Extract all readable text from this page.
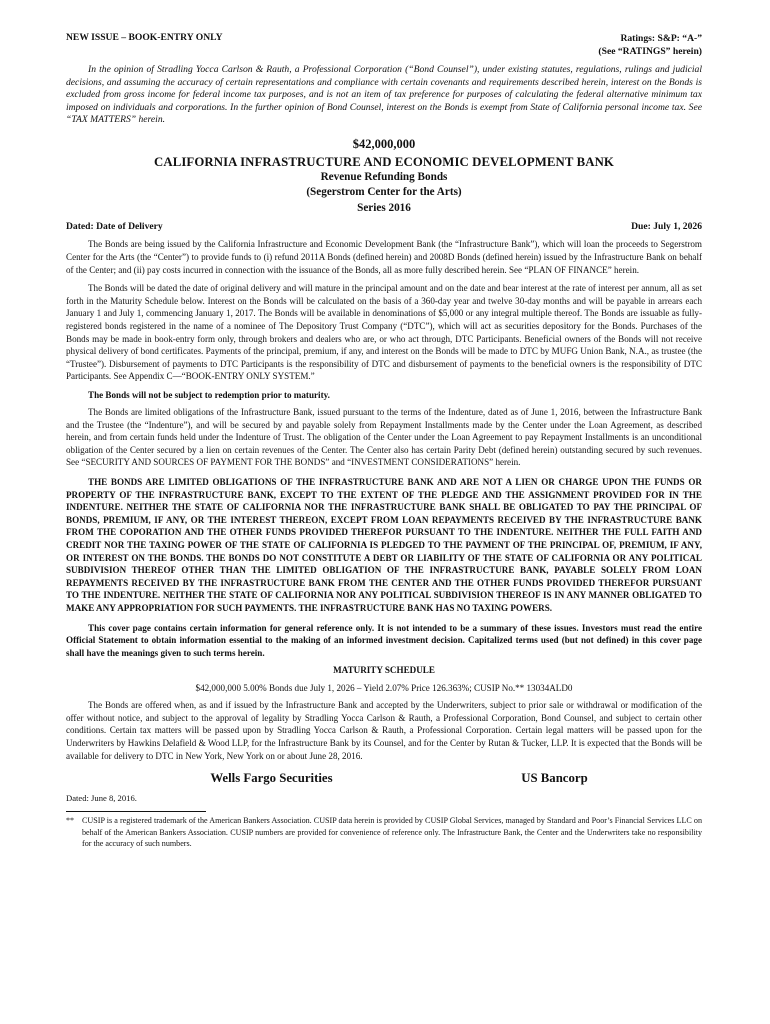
NEW ISSUE – BOOK-ENTRY ONLY	Ratings: S&P: “A-”
(See “RATINGS” herein)
In the opinion of Stradling Yocca Carlson & Rauth, a Professional Corporation (“Bond Counsel”), under existing statutes, regulations, rulings and judicial decisions, and assuming the accuracy of certain representations and compliance with certain covenants and requirements described herein, interest on the Bonds is excluded from gross income for federal income tax purposes, and is not an item of tax preference for purposes of calculating the federal alternative minimum tax imposed on individuals and corporations. In the further opinion of Bond Counsel, interest on the Bonds is exempt from State of California personal income tax. See “TAX MATTERS” herein.
$42,000,000
CALIFORNIA INFRASTRUCTURE AND ECONOMIC DEVELOPMENT BANK
Revenue Refunding Bonds
(Segerstrom Center for the Arts)
Series 2016
Dated: Date of Delivery	Due: July 1, 2026

The Bonds are being issued by the California Infrastructure and Economic Development Bank (the “Infrastructure Bank”), which will loan the proceeds to Segerstrom Center for the Arts (the “Center”) to provide funds to (i) refund 2011A Bonds (defined herein) and 2008D Bonds (defined herein) issued by the Infrastructure Bank on behalf of the Center; and (ii) pay costs incurred in connection with the issuance of the Bonds, all as more fully described herein. See “PLAN OF FINANCE” herein.

The Bonds will be dated the date of original delivery and will mature in the principal amount and on the date and bear interest at the rate of interest per annum, all as set forth in the Maturity Schedule below. Interest on the Bonds will be calculated on the basis of a 360-day year and twelve 30-day months and will be payable in arrears each January 1 and July 1, commencing January 1, 2017. The Bonds will be available in denominations of $5,000 or any integral multiple thereof. The Bonds are issuable as fully-registered bonds registered in the name of a nominee of The Depository Trust Company (“DTC”), which will act as securities depository for the Bonds. Purchases of the Bonds may be made in book-entry form only, through brokers and dealers who are, or who act through, DTC Participants. Beneficial owners of the Bonds will not receive physical delivery of bond certificates. Payments of the principal, premium, if any, and interest on the Bonds will be made to DTC by MUFG Union Bank, N.A., as trustee (the “Trustee”). Disbursement of payments to DTC Participants is the responsibility of DTC and disbursement of payments to the beneficial owners is the responsibility of DTC Participants. See Appendix C—“BOOK-ENTRY ONLY SYSTEM.”

The Bonds will not be subject to redemption prior to maturity.

The Bonds are limited obligations of the Infrastructure Bank, issued pursuant to the terms of the Indenture, dated as of June 1, 2016, between the Infrastructure Bank and the Trustee (the “Indenture”), and will be secured by and payable solely from Repayment Installments made by the Center under the Loan Agreement, as described herein, and from certain funds held under the Indenture of Trust. The obligation of the Center under the Loan Agreement to pay Repayment Installments is an unconditional obligation of the Center secured by a lien on certain revenues of the Center. The Center also has certain Parity Debt (defined herein) outstanding secured by such revenues. See “SECURITY AND SOURCES OF PAYMENT FOR THE BONDS” and “INVESTMENT CONSIDERATIONS” herein.

THE BONDS ARE LIMITED OBLIGATIONS OF THE INFRASTRUCTURE BANK AND ARE NOT A LIEN OR CHARGE UPON THE FUNDS OR PROPERTY OF THE INFRASTRUCTURE BANK, EXCEPT TO THE EXTENT OF THE PLEDGE AND THE ASSIGNMENT PROVIDED FOR IN THE INDENTURE. NEITHER THE STATE OF CALIFORNIA NOR THE INFRASTRUCTURE BANK SHALL BE OBLIGATED TO PAY THE PRINCIPAL OF BONDS, PREMIUM, IF ANY, OR THE INTEREST THEREON, EXCEPT FROM LOAN REPAYMENTS RECEIVED BY THE INFRASTRUCTURE BANK FROM THE COPORATION AND THE OTHER FUNDS PROVIDED THEREFOR PURSUANT TO THE INDENTURE. NEITHER THE FULL FAITH AND CREDIT NOR THE TAXING POWER OF THE STATE OF CALIFORNIA IS PLEDGED TO THE PAYMENT OF THE PRINCIPAL OF, PREMIUM, IF ANY, OR INTEREST ON THE BONDS. THE BONDS DO NOT CONSTITUTE A DEBT OR LIABILITY OF THE STATE OF CALIFORNIA OR ANY POLITICAL SUBDIVISION THEREOF OTHER THAN THE LIMITED OBLIGATION OF THE INFRASTRUCTURE BANK, PAYABLE SOLELY FROM LOAN REPAYMENTS RECEIVED BY THE INFRASTRUCTURE BANK FROM THE CENTER AND THE OTHER FUNDS PROVIDED THEREFOR PURSUANT TO THE INDENTURE. NEITHER THE STATE OF CALIFORNIA NOR ANY POLITICAL SUBDIVISION THEREOF IS IN ANY MANNER OBLIGATED TO MAKE ANY APPROPRIATION FOR SUCH PAYMENTS. THE INFRASTRUCTURE BANK HAS NO TAXING POWERS.

This cover page contains certain information for general reference only. It is not intended to be a summary of these issues. Investors must read the entire Official Statement to obtain information essential to the making of an informed investment decision. Capitalized terms used (but not defined) in this cover page shall have the meanings given to such terms herein.

MATURITY SCHEDULE
$42,000,000 5.00% Bonds due July 1, 2026 – Yield 2.07% Price 126.363%; CUSIP No.** 13034ALD0

The Bonds are offered when, as and if issued by the Infrastructure Bank and accepted by the Underwriters, subject to prior sale or withdrawal or modification of the offer without notice, and subject to the approval of legality by Stradling Yocca Carlson & Rauth, a Professional Corporation, Bond Counsel, and subject to certain other conditions. Certain tax matters will be passed upon by Stradling Yocca Carlson & Rauth, a Professional Corporation. Certain legal matters will be passed upon for the Underwriters by Hawkins Delafield & Wood LLP, for the Infrastructure Bank by its Counsel, and for the Center by Rutan & Tucker, LLP. It is expected that the Bonds will be available for delivery to DTC in New York, New York on or about June 28, 2016.

Wells Fargo Securities	US Bancorp
Dated: June 8, 2016.
** CUSIP is a registered trademark of the American Bankers Association. CUSIP data herein is provided by CUSIP Global Services, managed by Standard and Poor’s Financial Services LLC on behalf of the American Bankers Association. CUSIP numbers are provided for convenience of reference only. The Infrastructure Bank, the Center and the Underwriters take no responsibility for the accuracy of such numbers.
